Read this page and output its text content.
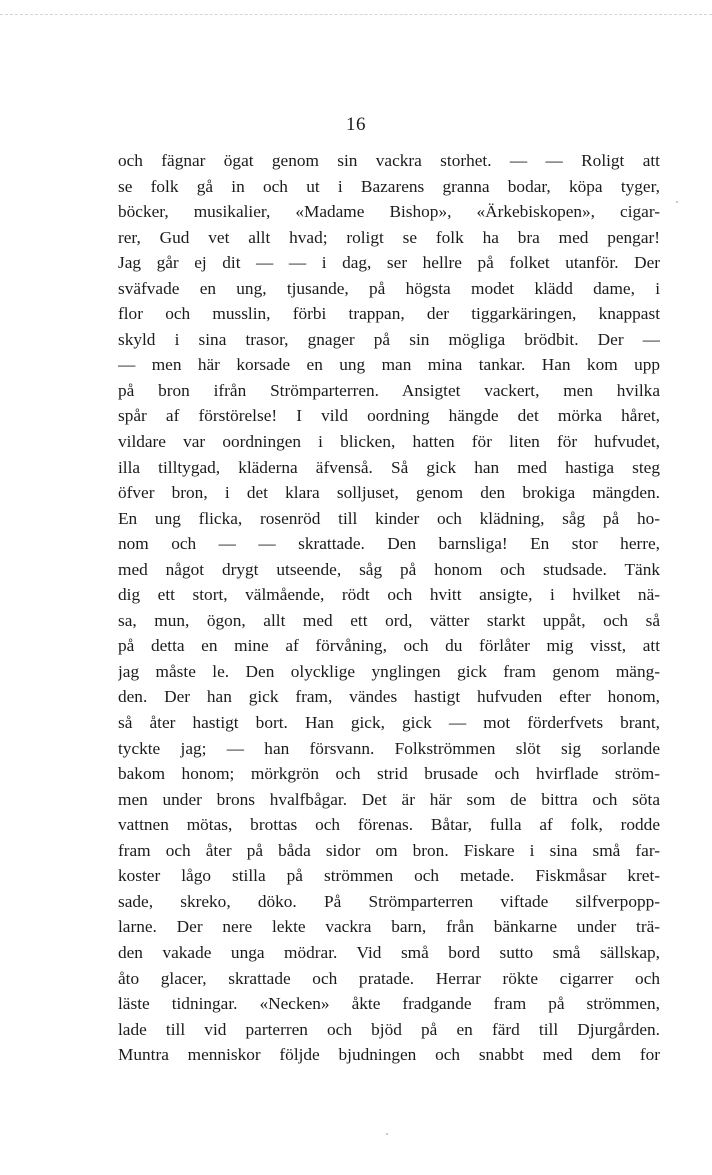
16
och fägnar ögat genom sin vackra storhet. — — Roligt att
se folk gå in och ut i Bazarens granna bodar, köpa tyger,
böcker, musikalier, «Madame Bishop», «Ärkebiskopen», cigar-
rer, Gud vet allt hvad; roligt se folk ha bra med pengar!
Jag går ej dit — — i dag, ser hellre på folket utanför. Der
sväfvade en ung, tjusande, på högsta modet klädd dame, i
flor och musslin, förbi trappan, der tiggarkäringen, knappast
skyld i sina trasor, gnager på sin mögliga brödbit. Der —
— men här korsade en ung man mina tankar. Han kom upp
på bron ifrån Strömparterren. Ansigtet vackert, men hvilka
spår af förstörelse! I vild oordning hängde det mörka håret,
vildare var oordningen i blicken, hatten för liten för hufvudet,
illa tilltygad, kläderna äfvenså. Så gick han med hastiga steg
öfver bron, i det klara solljuset, genom den brokiga mängden.
En ung flicka, rosenröd till kinder och klädning, såg på ho-
nom och — — skrattade. Den barnsliga! En stor herre,
med något drygt utseende, såg på honom och studsade. Tänk
dig ett stort, välmående, rödt och hvitt ansigte, i hvilket nä-
sa, mun, ögon, allt med ett ord, vätter starkt uppåt, och så
på detta en mine af förvåning, och du förlåter mig visst, att
jag måste le. Den olycklige ynglingen gick fram genom mäng-
den. Der han gick fram, vändes hastigt hufvuden efter honom,
så åter hastigt bort. Han gick, gick — mot förderfvets brant,
tyckte jag; — han försvann. Folkströmmen slöt sig sorlande
bakom honom; mörkgrön och strid brusade och hvirflade ström-
men under brons hvalfbågar. Det är här som de bittra och söta
vattnen mötas, brottas och förenas. Båtar, fulla af folk, rodde
fram och åter på båda sidor om bron. Fiskare i sina små far-
koster lågo stilla på strömmen och metade. Fiskmåsar kret-
sade, skreko, döko. På Strömparterren viftade silfverpopp-
larne. Der nere lekte vackra barn, från bänkarne under trä-
den vakade unga mödrar. Vid små bord sutto små sällskap,
åto glacer, skrattade och pratade. Herrar rökte cigarrer och
läste tidningar. «Necken» åkte fradgande fram på strömmen,
lade till vid parterren och bjöd på en färd till Djurgården.
Muntra menniskor följde bjudningen och snabbt med dem for
